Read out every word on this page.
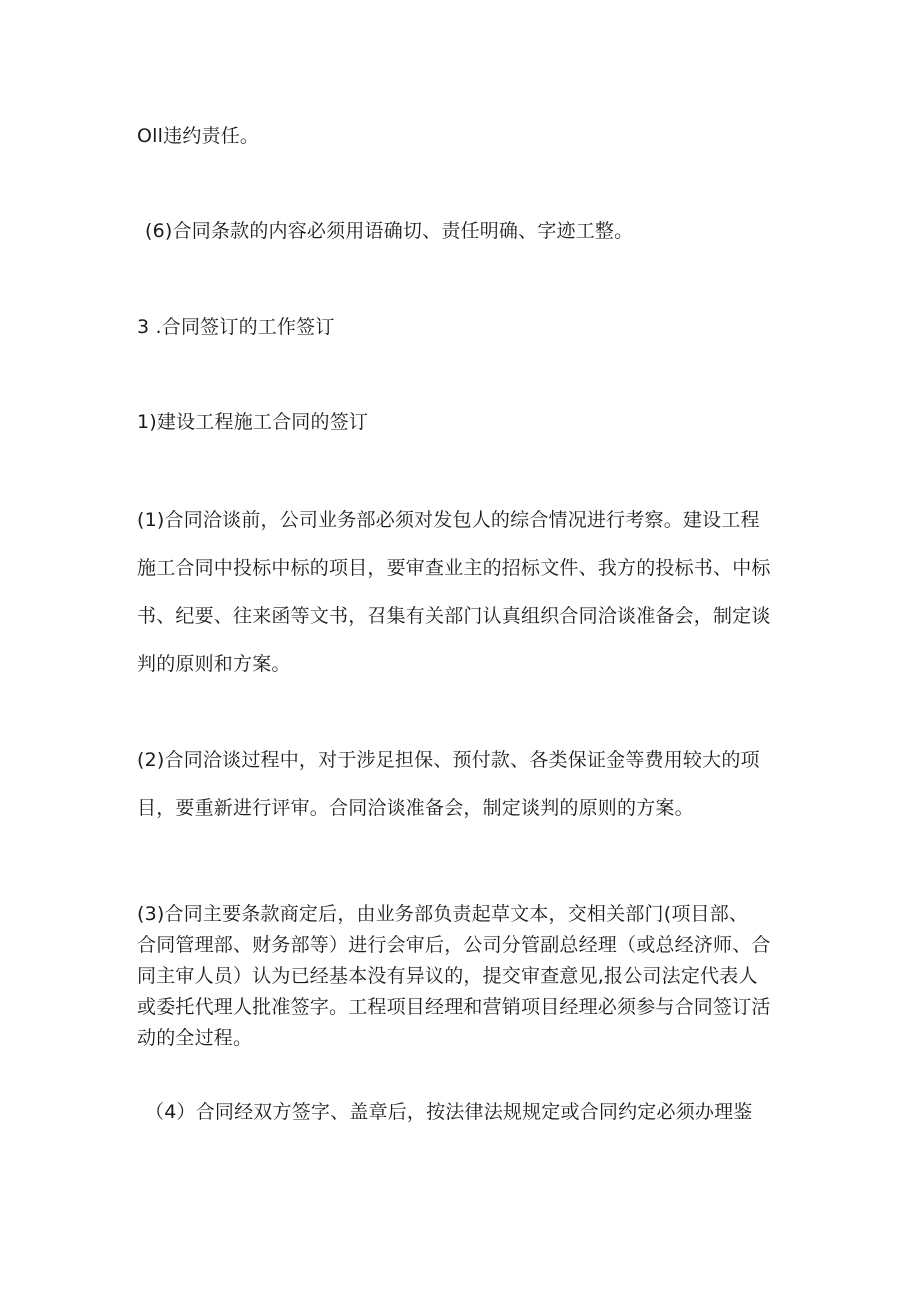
Oll违约责任。
(6)合同条款的内容必须用语确切、责任明确、字迹工整。
3 .合同签订的工作签订
1)建设工程施工合同的签订
(1)合同洽谈前，公司业务部必须对发包人的综合情况进行考察。建设工程
施工合同中投标中标的项目，要审查业主的招标文件、我方的投标书、中标
书、纪要、往来函等文书，召集有关部门认真组织合同洽谈准备会，制定谈
判的原则和方案。
(2)合同洽谈过程中，对于涉足担保、预付款、各类保证金等费用较大的项
目，要重新进行评审。合同洽谈准备会，制定谈判的原则的方案。
(3)合同主要条款商定后，由业务部负责起草文本，交相关部门(项目部、
合同管理部、财务部等）进行会审后，公司分管副总经理（或总经济师、合
同主审人员）认为已经基本没有异议的，提交审查意见,报公司法定代表人
或委托代理人批准签字。工程项目经理和营销项目经理必须参与合同签订活
动的全过程。
（4）合同经双方签字、盖章后，按法律法规规定或合同约定必须办理鉴
